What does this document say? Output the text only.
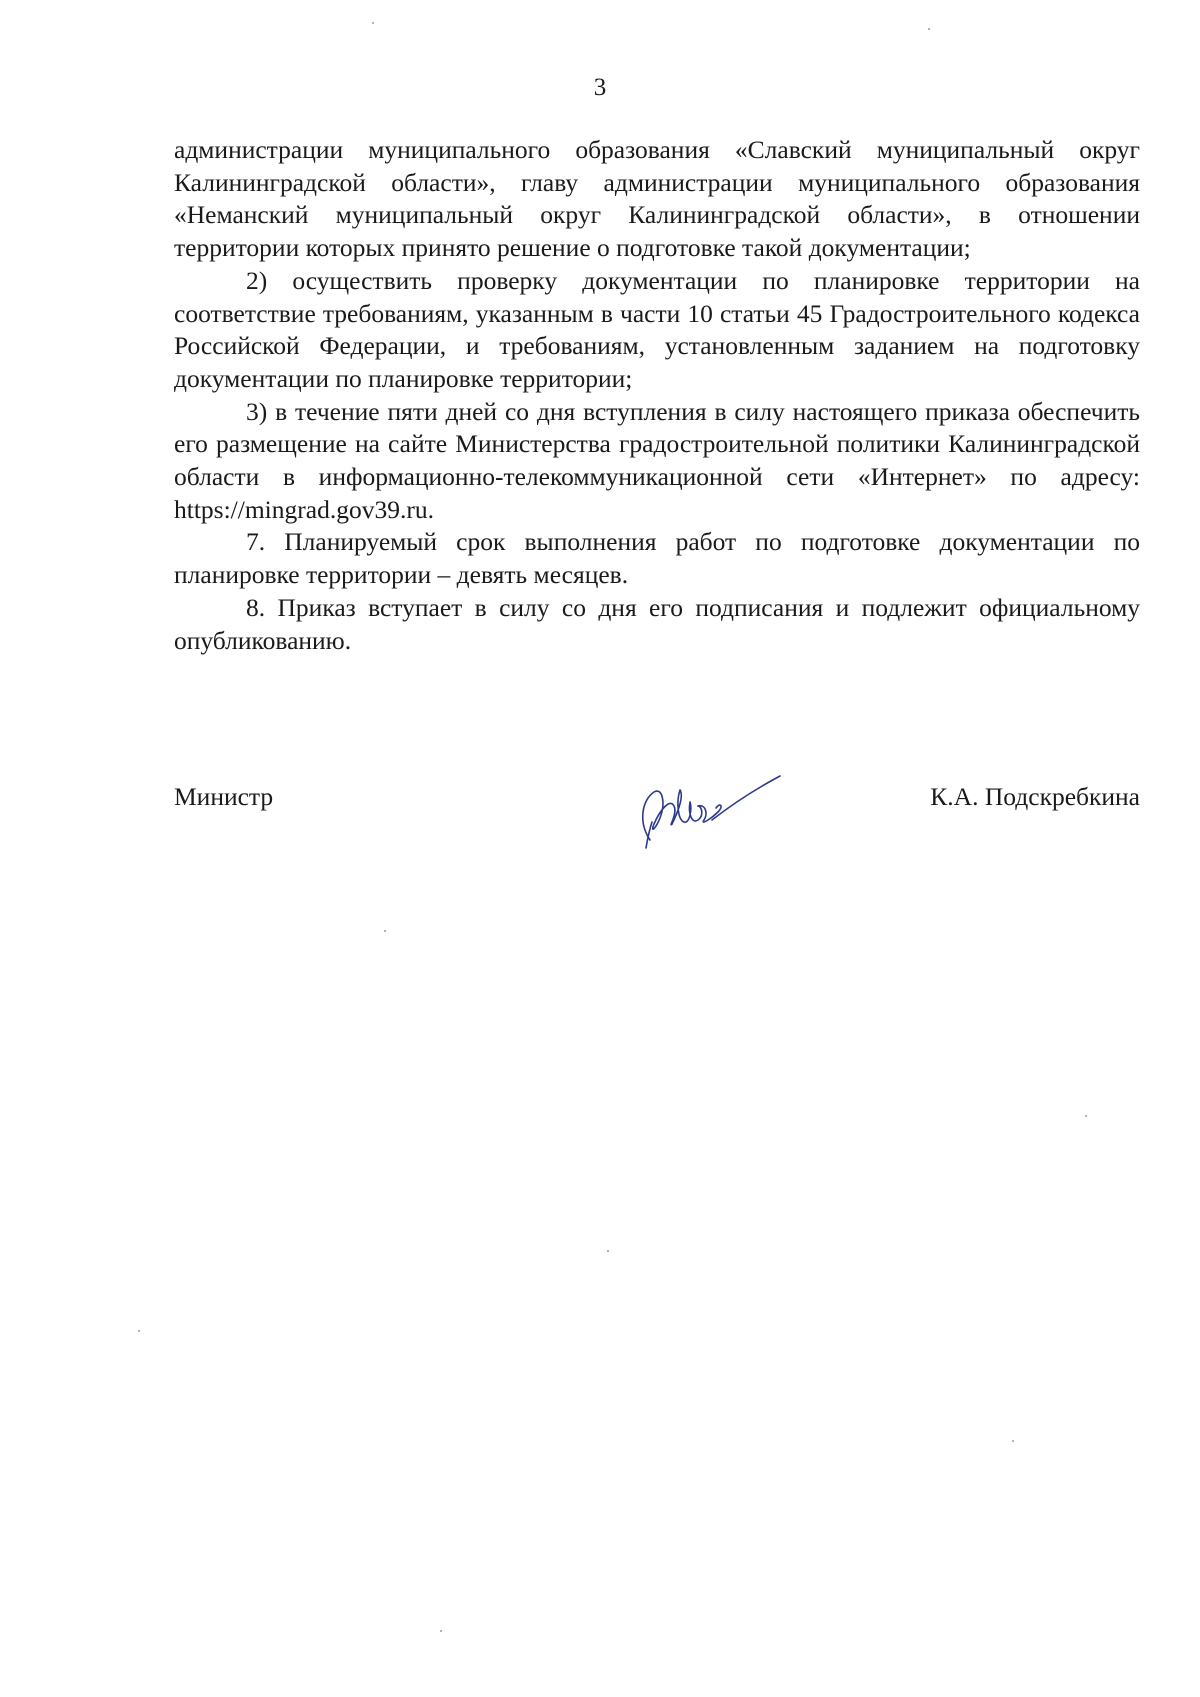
3

администрации муниципального образования «Славский муниципальный округ Калининградской области», главу администрации муниципального образования «Неманский муниципальный округ Калининградской области», в отношении территории которых принято решение о подготовке такой документации;

2) осуществить проверку документации по планировке территории на соответствие требованиям, указанным в части 10 статьи 45 Градостроительного кодекса Российской Федерации, и требованиям, установленным заданием на подготовку документации по планировке территории;

3) в течение пяти дней со дня вступления в силу настоящего приказа обеспечить его размещение на сайте Министерства градостроительной политики Калининградской области в информационно-телекоммуникационной сети «Интернет» по адресу: https://mingrad.gov39.ru.

7. Планируемый срок выполнения работ по подготовке документации по планировке территории – девять месяцев.

8. Приказ вступает в силу со дня его подписания и подлежит официальному опубликованию.

Министр	К.А. Подскребкина
